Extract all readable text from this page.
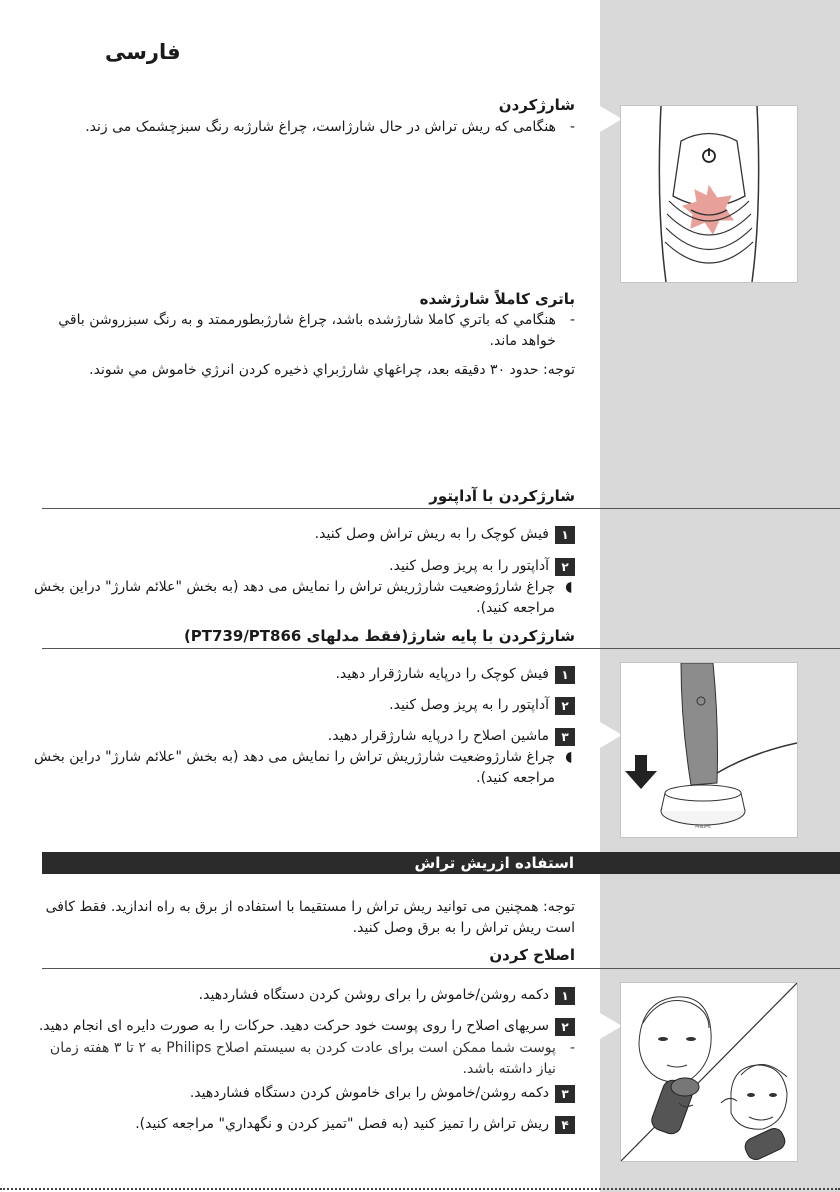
فارسی
شارژکردن
-
هنگامی که ریش تراش در حال شارژاست، چراغ شارژبه رنگ سبزچشمک می زند.
باتری کاملاً شارژشده
-
هنگامي كه باتري كاملا شارژشده باشد، چراغ شارژبطورممتد و به رنگ سبزروشن باقي خواهد ماند.
توجه: حدود ۳۰ دقیقه بعد، چراغهاي شارژبراي ذخيره كردن انرژي خاموش مي شوند.
شارژکردن با آداپتور
۱
فیش کوچک را به ریش تراش وصل کنید.
۲
آداپتور را به پریز وصل کنید.
◖
چراغ شارژوضعیت شارژریش تراش را نمایش می دهد (به بخش "علائم شارژ" دراین بخش مراجعه کنید).
شارژکردن با پایه شارژ(فقط مدلهای PT739/PT866)
۱
فیش کوچک را درپایه شارژقرار دهید.
۲
آداپتور را به پریز وصل کنید.
۳
ماشین اصلاح را درپایه شارژقرار دهید.
◖
چراغ شارژوضعیت شارژریش تراش را نمایش می دهد (به بخش "علائم شارژ" دراین بخش مراجعه کنید).
PHILIPS
استفاده ازریش تراش
توجه: همچنین می توانید ریش تراش را مستقیما با استفاده از برق به راه اندازید. فقط کافی است ریش تراش را به برق وصل کنید.
اصلاح کردن
۱
دکمه روشن/خاموش را برای روشن کردن دستگاه فشاردهید.
۲
سریهای اصلاح را روی پوست خود حرکت دهید. حرکات را به صورت دایره ای انجام دهید.
-
پوست شما ممکن است برای عادت کردن به سیستم اصلاح Philips به ۲ تا ۳ هفته زمان نیاز داشته باشد.
۳
دکمه روشن/خاموش را برای خاموش کردن دستگاه فشاردهید.
۴
ریش تراش را تمیز کنید (به فصل "تمیز کردن و نگهداري" مراجعه کنید).
